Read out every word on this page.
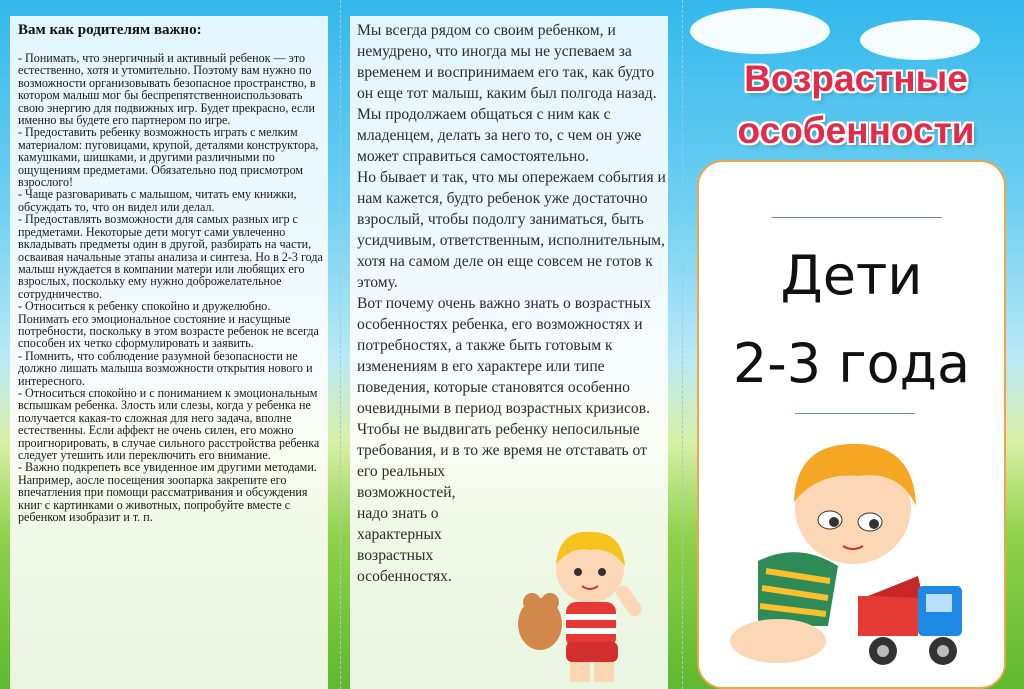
Вам как родителям важно:

- Понимать, что энергичный и активный ребенок — это естественно, хотя и утомительно. Поэтому вам нужно по возможности организовывать безопасное пространство, в котором малыш мог бы беспрепятственноиспользовать свою энергию для подвижных игр. Будет прекрасно, если именно вы будете его партнером по игре.

- Предоставить ребенку возможность играть с мелким материалом: пуговицами, крупой, деталями конструктора, камушками, шишками, и другими различными по ощущениям предметами. Обязательно под присмотром взрослого!

- Чаще разговаривать с малышом, читать ему книжки, обсуждать то, что он видел или делал.

- Предоставлять возможности для самых разных игр с предметами. Некоторые дети могут сами увлеченно вкладывать предметы один в другой, разбирать на части, осваивая начальные этапы анализа и синтеза. Но в 2-3 года малыш нуждается в компании матери или любящих его взрослых, поскольку ему нужно доброжелательное сотрудничество.

- Относиться к ребенку спокойно и дружелюбно. Понимать его эмоциональное состояние и насущные потребности, поскольку в этом возрасте ребенок не всегда способен их четко сформулировать и заявить.

- Помнить, что соблюдение разумной безопасности не должно лишать малыша возможности открытия нового и интересного.

- Относиться спокойно и с пониманием к эмоциональным вспышкам ребенка. Злость или слезы, когда у ребенка не получается какая-то сложная для него задача, вполне естественны. Если аффект не очень силен, его можно проигнорировать, в случае сильного расстройства ребенка следует утешить или переключить его внимание.

- Важно подкрепеть все увиденное им другими методами. Например, аосле посещения зоопарка закрепите его впечатления при помощи рассматривания и обсуждения книг с картинками о животных, попробуйте вместе с ребенком изобразит и т. п.

Мы всегда рядом со своим ребенком, и немудрено, что иногда мы не успеваем за временем и воспринимаем его так, как будто он еще тот малыш, каким был полгода назад. Мы продолжаем общаться с ним как с младенцем, делать за него то, с чем он уже может справиться самостоятельно.

Но бывает и так, что мы опережаем события и нам кажется, будто ребенок уже достаточно взрослый, чтобы подолгу заниматься, быть усидчивым, ответственным, исполнительным, хотя на самом деле он еще совсем не готов к этому.

Вот почему очень важно знать о возрастных особенностях ребенка, его возможностях и потребностях, а также быть готовым к изменениям в его характере или типе поведения, которые становятся особенно очевидными в период возрастных кризисов. Чтобы не выдвигать ребенку непосильные требования, и в то же время не отставать от его реальных

возможностей,

надо знать о

характерных

возрастных

особенностях.

Возрастные
особенности
Дети
2-3 года
